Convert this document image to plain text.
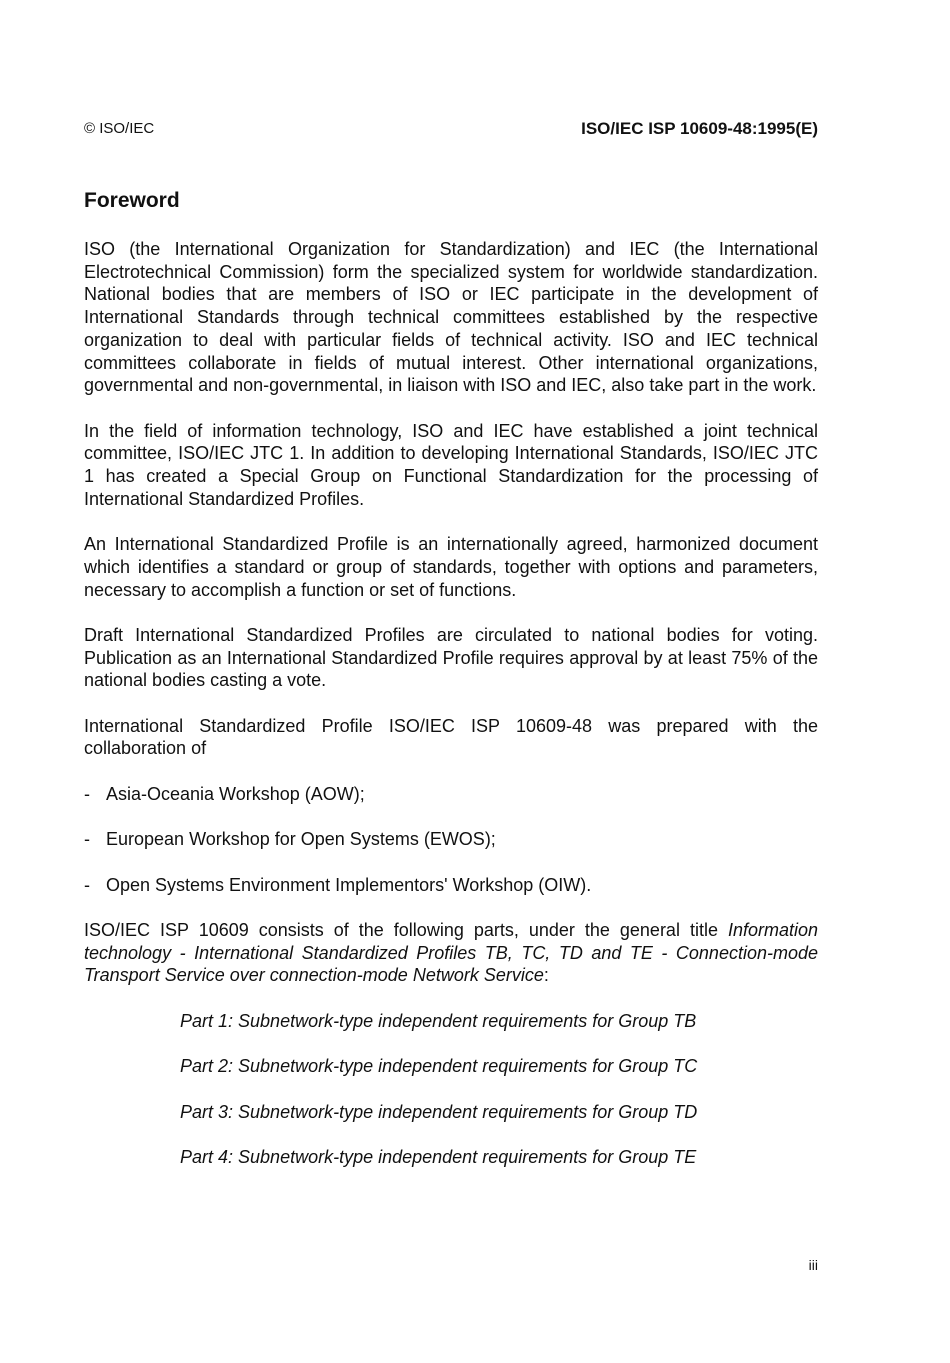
© ISO/IEC	ISO/IEC ISP 10609-48:1995(E)
Foreword

ISO (the International Organization for Standardization) and IEC (the International Electrotechnical Commission) form the specialized system for worldwide standardization. National bodies that are members of ISO or IEC participate in the development of International Standards through technical committees established by the respective organization to deal with particular fields of technical activity. ISO and IEC technical committees collaborate in fields of mutual interest. Other international organizations, governmental and non-governmental, in liaison with ISO and IEC, also take part in the work.

In the field of information technology, ISO and IEC have established a joint technical committee, ISO/IEC JTC 1. In addition to developing International Standards, ISO/IEC JTC 1 has created a Special Group on Functional Standardization for the processing of International Standardized Profiles.

An International Standardized Profile is an internationally agreed, harmonized document which identifies a standard or group of standards, together with options and parameters, necessary to accomplish a function or set of functions.

Draft International Standardized Profiles are circulated to national bodies for voting. Publication as an International Standardized Profile requires approval by at least 75% of the national bodies casting a vote.

International Standardized Profile ISO/IEC ISP 10609-48 was prepared with the collaboration of

- Asia-Oceania Workshop (AOW);
- European Workshop for Open Systems (EWOS);
- Open Systems Environment Implementors' Workshop (OIW).

ISO/IEC ISP 10609 consists of the following parts, under the general title Information technology - International Standardized Profiles TB, TC, TD and TE - Connection-mode Transport Service over connection-mode Network Service:

Part 1: Subnetwork-type independent requirements for Group TB

Part 2: Subnetwork-type independent requirements for Group TC

Part 3: Subnetwork-type independent requirements for Group TD

Part 4: Subnetwork-type independent requirements for Group TE

iii
